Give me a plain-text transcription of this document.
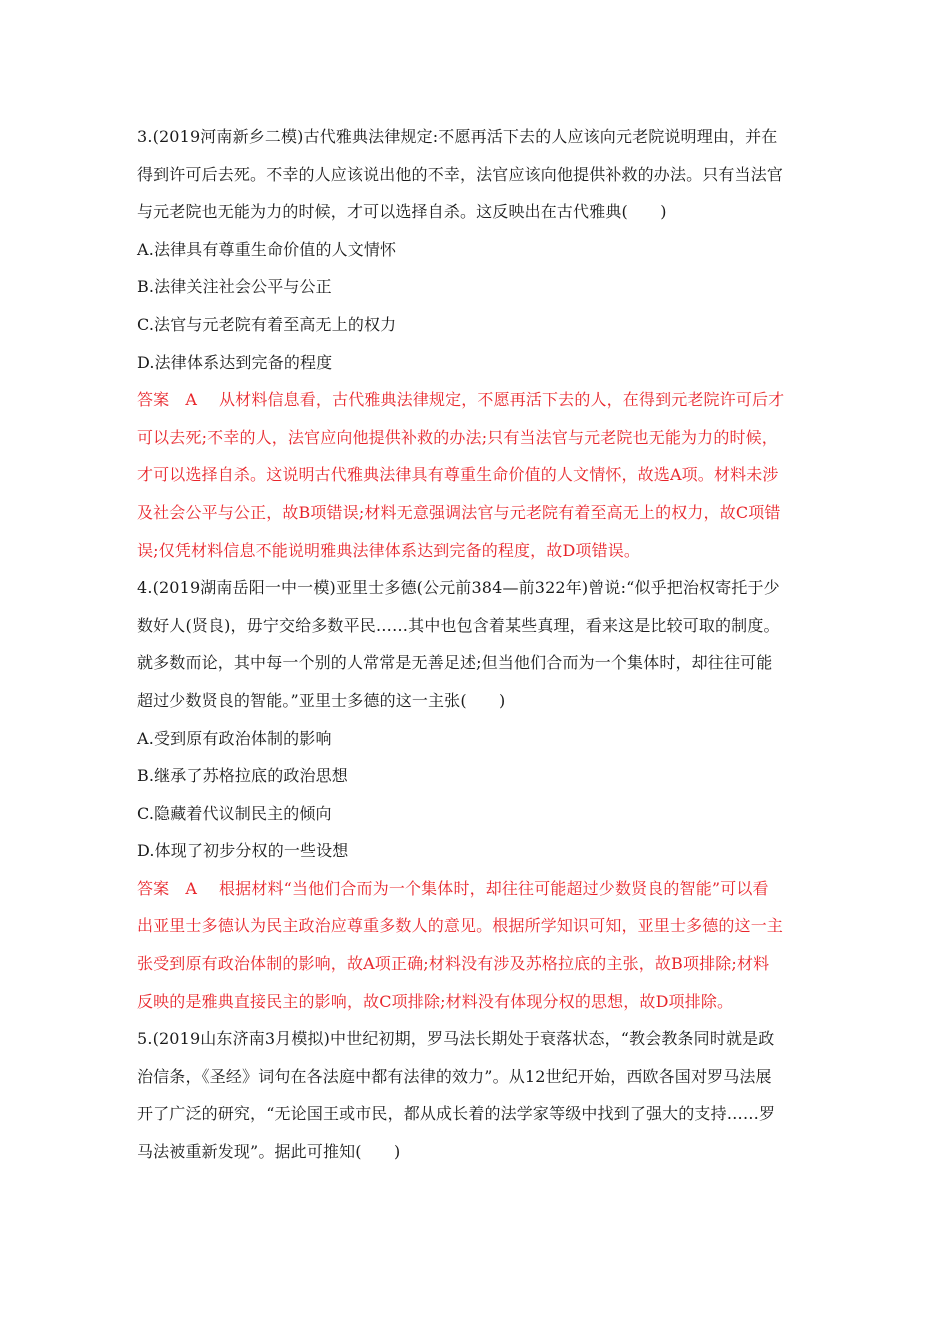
3.(2019河南新乡二模)古代雅典法律规定:不愿再活下去的人应该向元老院说明理由，并在
得到许可后去死。不幸的人应该说出他的不幸，法官应该向他提供补救的办法。只有当法官
与元老院也无能为力的时候，才可以选择自杀。这反映出在古代雅典(　　)
A.法律具有尊重生命价值的人文情怀
B.法律关注社会公平与公正
C.法官与元老院有着至高无上的权力
D.法律体系达到完备的程度
答案 A 从材料信息看，古代雅典法律规定，不愿再活下去的人，在得到元老院许可后才
可以去死;不幸的人，法官应向他提供补救的办法;只有当法官与元老院也无能为力的时候，
才可以选择自杀。这说明古代雅典法律具有尊重生命价值的人文情怀，故选A项。材料未涉
及社会公平与公正，故B项错误;材料无意强调法官与元老院有着至高无上的权力，故C项错
误;仅凭材料信息不能说明雅典法律体系达到完备的程度，故D项错误。
4.(2019湖南岳阳一中一模)亚里士多德(公元前384—前322年)曾说:“似乎把治权寄托于少
数好人(贤良)，毋宁交给多数平民……其中也包含着某些真理，看来这是比较可取的制度。
就多数而论，其中每一个别的人常常是无善足述;但当他们合而为一个集体时，却往往可能
超过少数贤良的智能。”亚里士多德的这一主张(　　)
A.受到原有政治体制的影响
B.继承了苏格拉底的政治思想
C.隐藏着代议制民主的倾向
D.体现了初步分权的一些设想
答案 A 根据材料“当他们合而为一个集体时，却往往可能超过少数贤良的智能”可以看
出亚里士多德认为民主政治应尊重多数人的意见。根据所学知识可知，亚里士多德的这一主
张受到原有政治体制的影响，故A项正确;材料没有涉及苏格拉底的主张，故B项排除;材料
反映的是雅典直接民主的影响，故C项排除;材料没有体现分权的思想，故D项排除。
5.(2019山东济南3月模拟)中世纪初期，罗马法长期处于衰落状态，“教会教条同时就是政
治信条，《圣经》词句在各法庭中都有法律的效力”。从12世纪开始，西欧各国对罗马法展
开了广泛的研究，“无论国王或市民，都从成长着的法学家等级中找到了强大的支持……罗
马法被重新发现”。据此可推知(　　)
